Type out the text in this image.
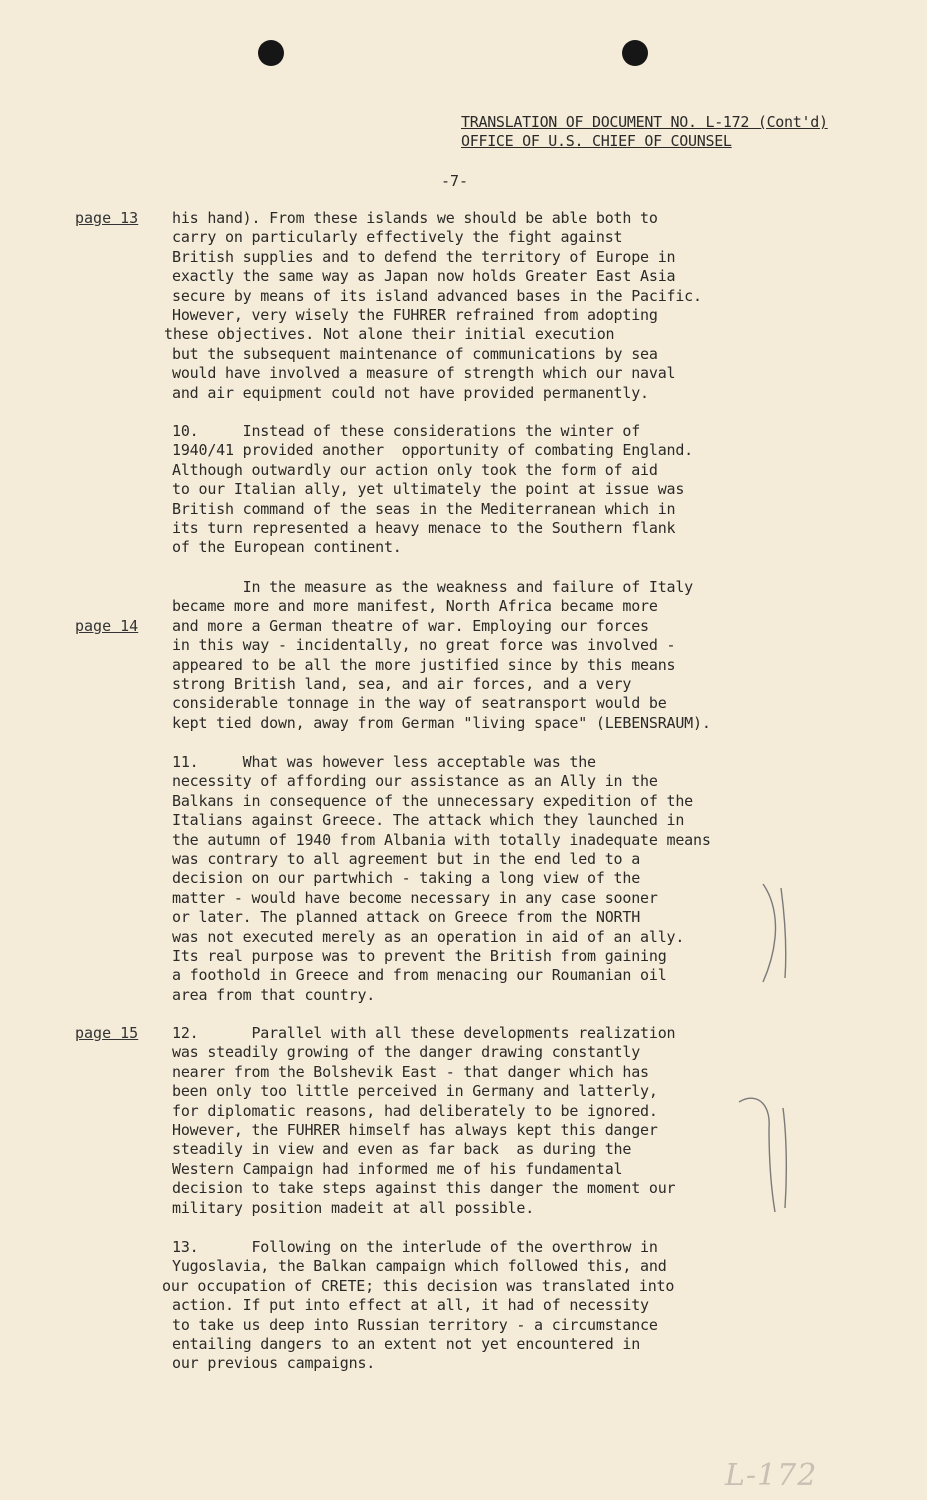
TRANSLATION OF DOCUMENT NO. L-172 (Cont'd)
OFFICE OF U.S. CHIEF OF COUNSEL
-7-
page 13
page 14
page 15
his hand). From these islands we should be able both to
carry on particularly effectively the fight against
British supplies and to defend the territory of Europe in
exactly the same way as Japan now holds Greater East Asia
secure by means of its island advanced bases in the Pacific.
However, very wisely the FUHRER refrained from adopting
these objectives. Not alone their initial execution
but the subsequent maintenance of communications by sea
would have involved a measure of strength which our naval
and air equipment could not have provided permanently.
10.     Instead of these considerations the winter of
1940/41 provided another  opportunity of combating England.
Although outwardly our action only took the form of aid
to our Italian ally, yet ultimately the point at issue was
British command of the seas in the Mediterranean which in
its turn represented a heavy menace to the Southern flank
of the European continent.
In the measure as the weakness and failure of Italy
became more and more manifest, North Africa became more
and more a German theatre of war. Employing our forces
in this way - incidentally, no great force was involved -
appeared to be all the more justified since by this means
strong British land, sea, and air forces, and a very
considerable tonnage in the way of seatransport would be
kept tied down, away from German "living space" (LEBENSRAUM).
11.     What was however less acceptable was the
necessity of affording our assistance as an Ally in the
Balkans in consequence of the unnecessary expedition of the
Italians against Greece. The attack which they launched in
the autumn of 1940 from Albania with totally inadequate means
was contrary to all agreement but in the end led to a
decision on our partwhich - taking a long view of the
matter - would have become necessary in any case sooner
or later. The planned attack on Greece from the NORTH
was not executed merely as an operation in aid of an ally.
Its real purpose was to prevent the British from gaining
a foothold in Greece and from menacing our Roumanian oil
area from that country.
12.      Parallel with all these developments realization
was steadily growing of the danger drawing constantly
nearer from the Bolshevik East - that danger which has
been only too little perceived in Germany and latterly,
for diplomatic reasons, had deliberately to be ignored.
However, the FUHRER himself has always kept this danger
steadily in view and even as far back  as during the
Western Campaign had informed me of his fundamental
decision to take steps against this danger the moment our
military position madeit at all possible.
13.      Following on the interlude of the overthrow in
Yugoslavia, the Balkan campaign which followed this, and
our occupation of CRETE; this decision was translated into
action. If put into effect at all, it had of necessity
to take us deep into Russian territory - a circumstance
entailing dangers to an extent not yet encountered in
our previous campaigns.
L-172
